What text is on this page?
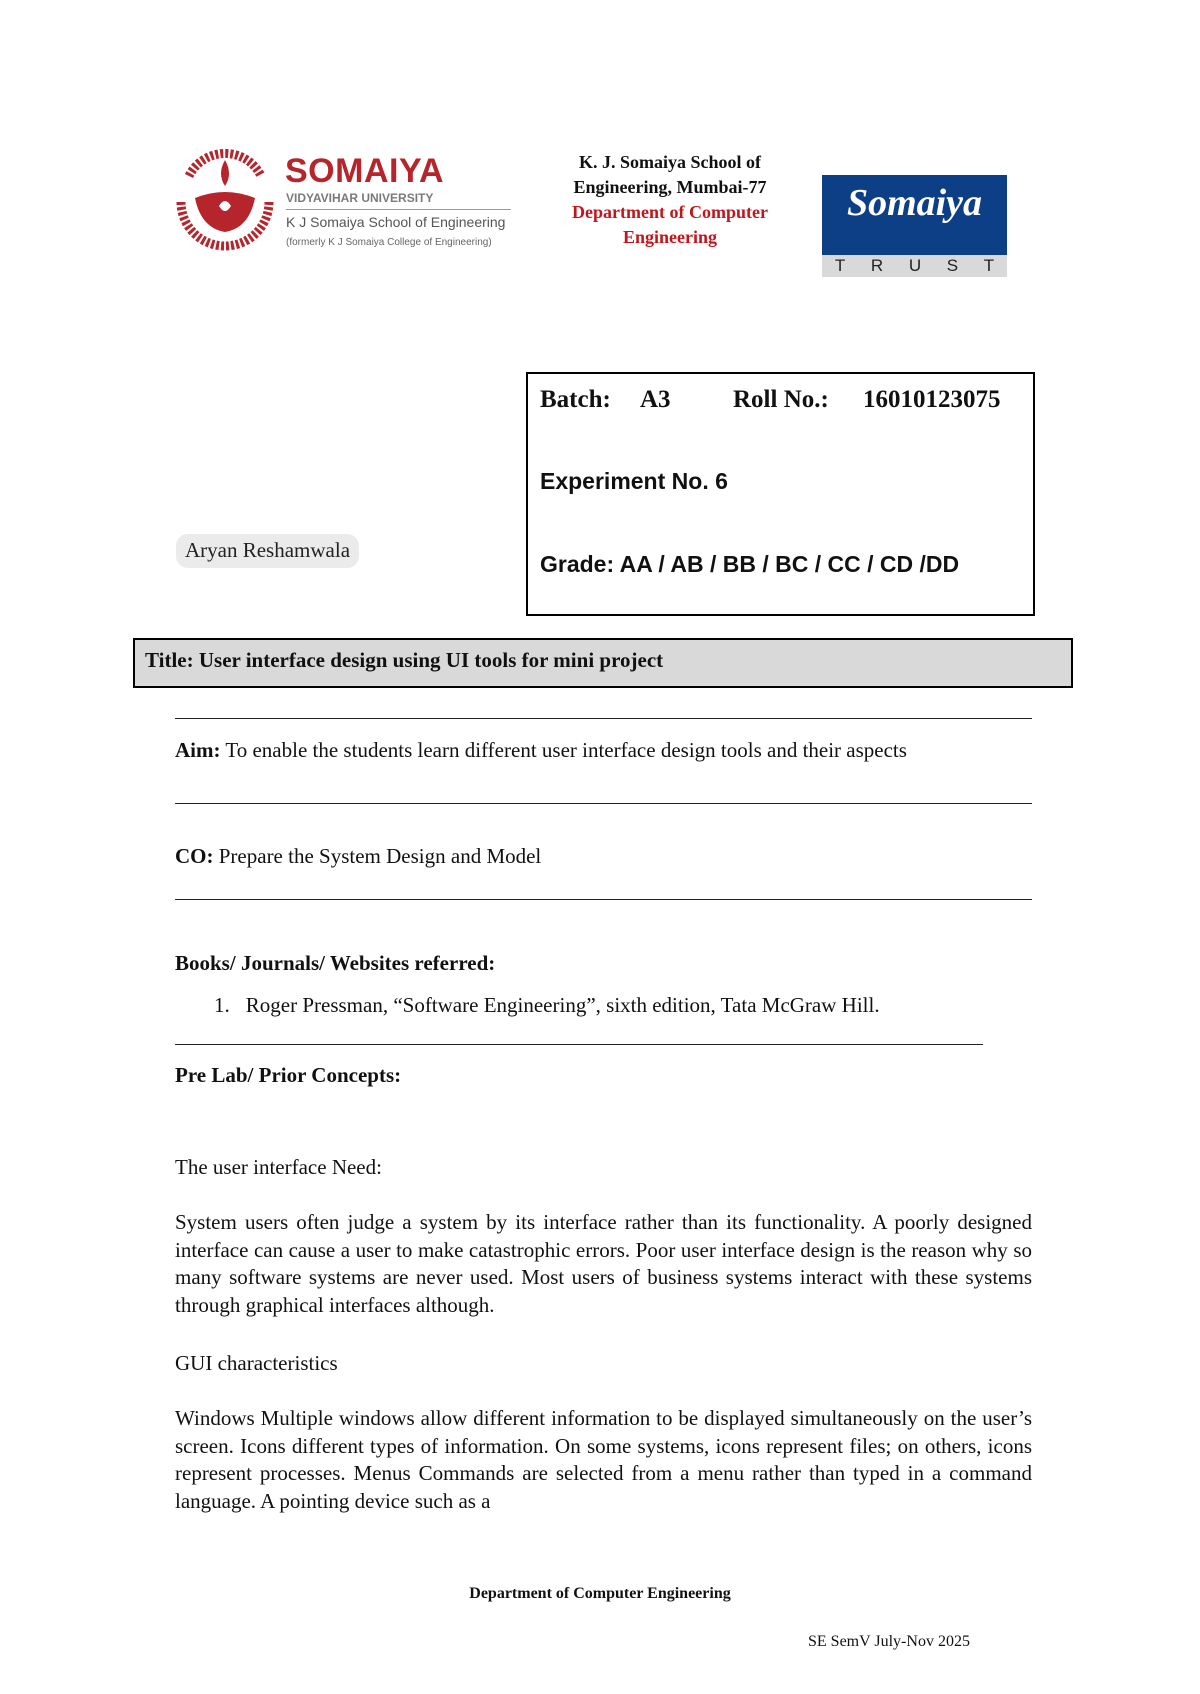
SOMAIYA
VIDYAVIHAR UNIVERSITY
K J Somaiya School of Engineering
(formerly K J Somaiya College of Engineering)
K. J. Somaiya School of
Engineering, Mumbai-77
Department of Computer
Engineering
Somaiya
T R U S T
Batch: A3 Roll No.: 16010123075
Experiment No. 6
Grade: AA / AB / BB / BC / CC / CD /DD
Aryan Reshamwala
Title: User interface design using UI tools for mini project
Aim: To enable the students learn different user interface design tools and their aspects
CO: Prepare the System Design and Model
Books/ Journals/ Websites referred:
1. Roger Pressman, “Software Engineering”, sixth edition, Tata McGraw Hill.
Pre Lab/ Prior Concepts:
The user interface Need:
System users often judge a system by its interface rather than its functionality. A poorly designed interface can cause a user to make catastrophic errors. Poor user interface design is the reason why so many software systems are never used. Most users of business systems interact with these systems through graphical interfaces although.
GUI characteristics
Windows Multiple windows allow different information to be displayed simultaneously on the user’s screen. Icons different types of information. On some systems, icons represent files; on others, icons represent processes. Menus Commands are selected from a menu rather than typed in a command language. A pointing device such as a
Department of Computer Engineering
SE SemV July-Nov 2025
